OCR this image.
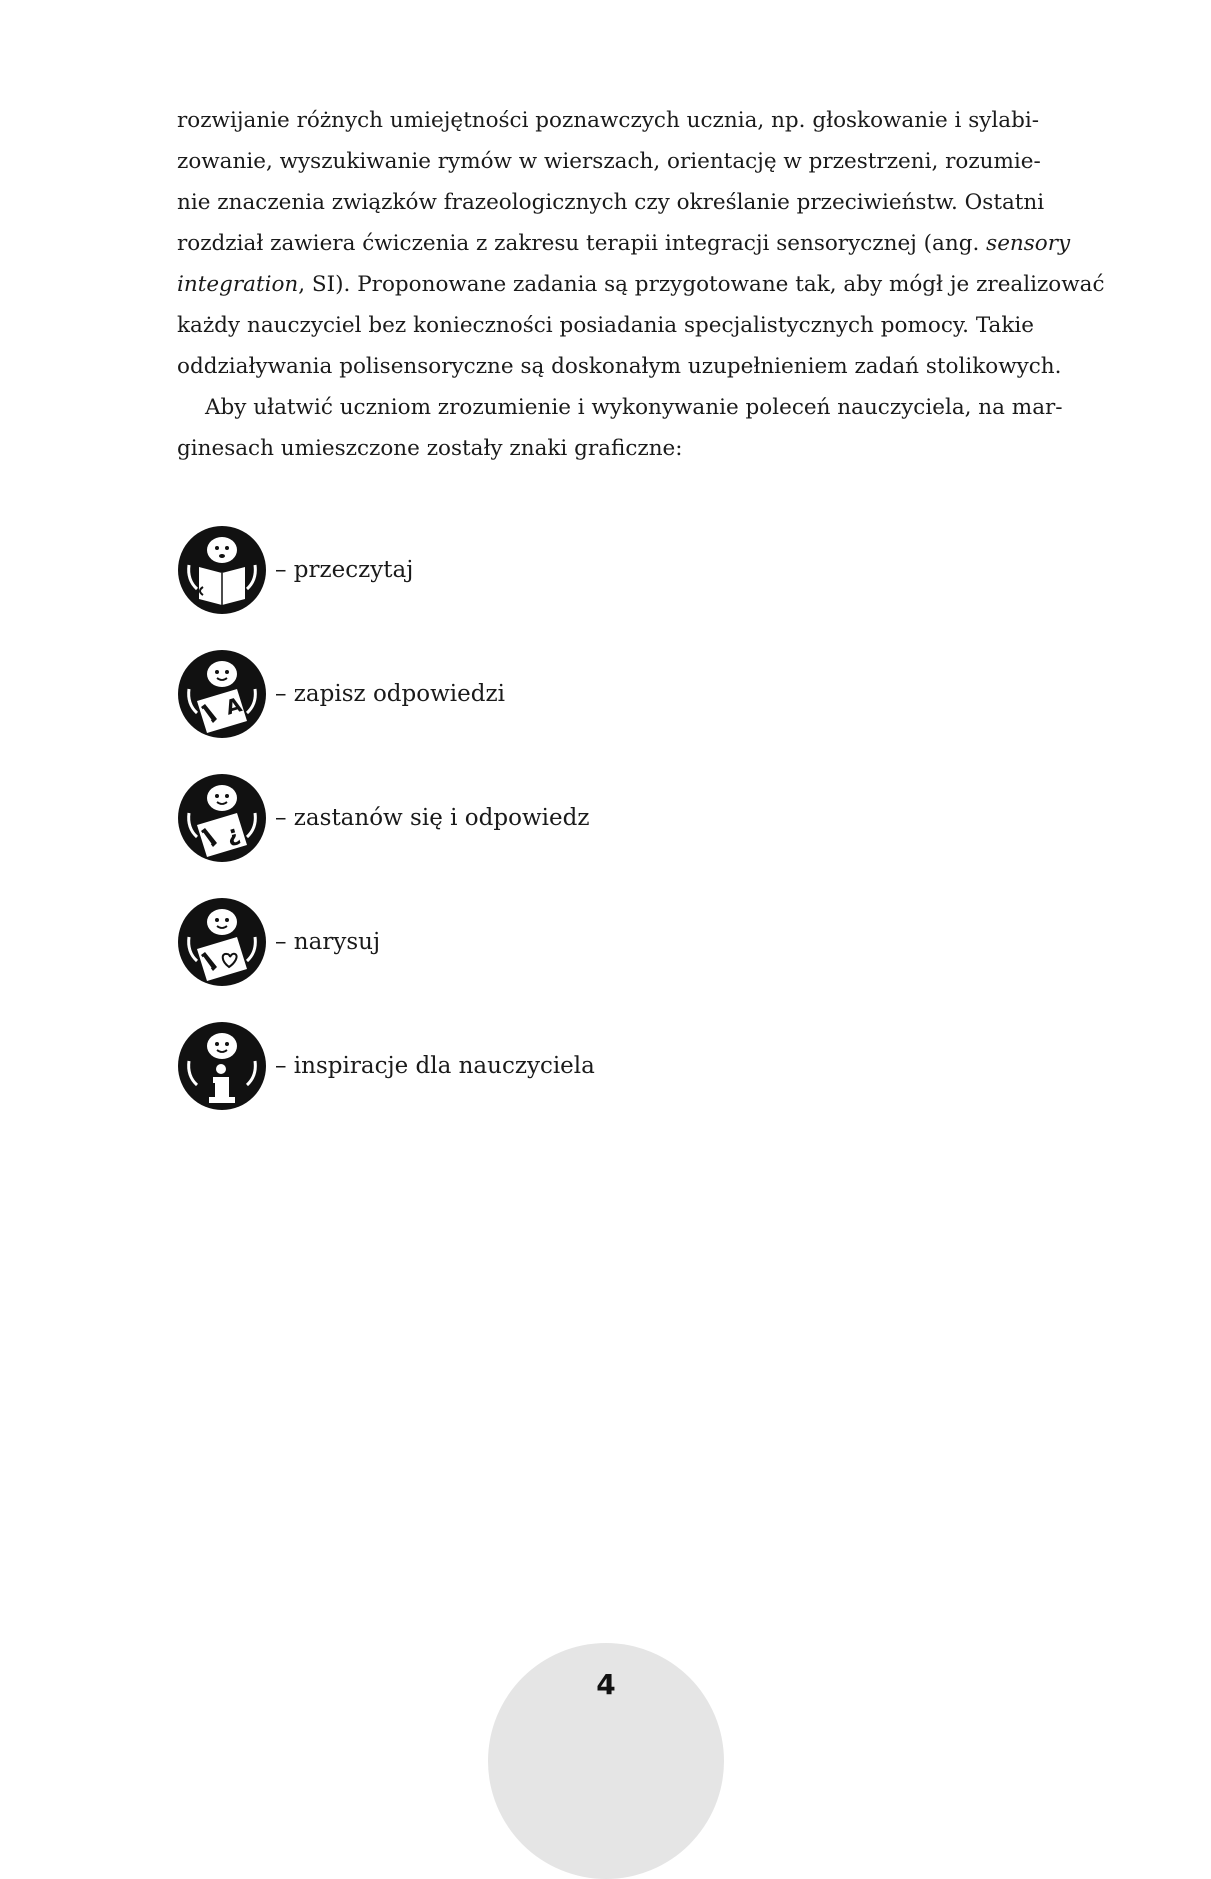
rozwijanie różnych umiejętności poznawczych ucznia, np. głoskowanie i sylabi-
zowanie, wyszukiwanie rymów w wierszach, orientację w przestrzeni, rozumie-
nie znaczenia związków frazeologicznych czy określanie przeciwieństw. Ostatni
rozdział zawiera ćwiczenia z zakresu terapii integracji sensorycznej (ang. sensory
integration, SI). Proponowane zadania są przygotowane tak, aby mógł je zrealizować
każdy nauczyciel bez konieczności posiadania specjalistycznych pomocy. Takie
oddziaływania polisensoryczne są doskonałym uzupełnieniem zadań stolikowych.
Aby ułatwić uczniom zrozumienie i wykonywanie poleceń nauczyciela, na mar-
ginesach umieszczone zostały znaki graficzne:
– przeczytaj
A – zapisz odpowiedzi
¿
– zastanów się i odpowiedz
– narysuj
– inspiracje dla nauczyciela
4
